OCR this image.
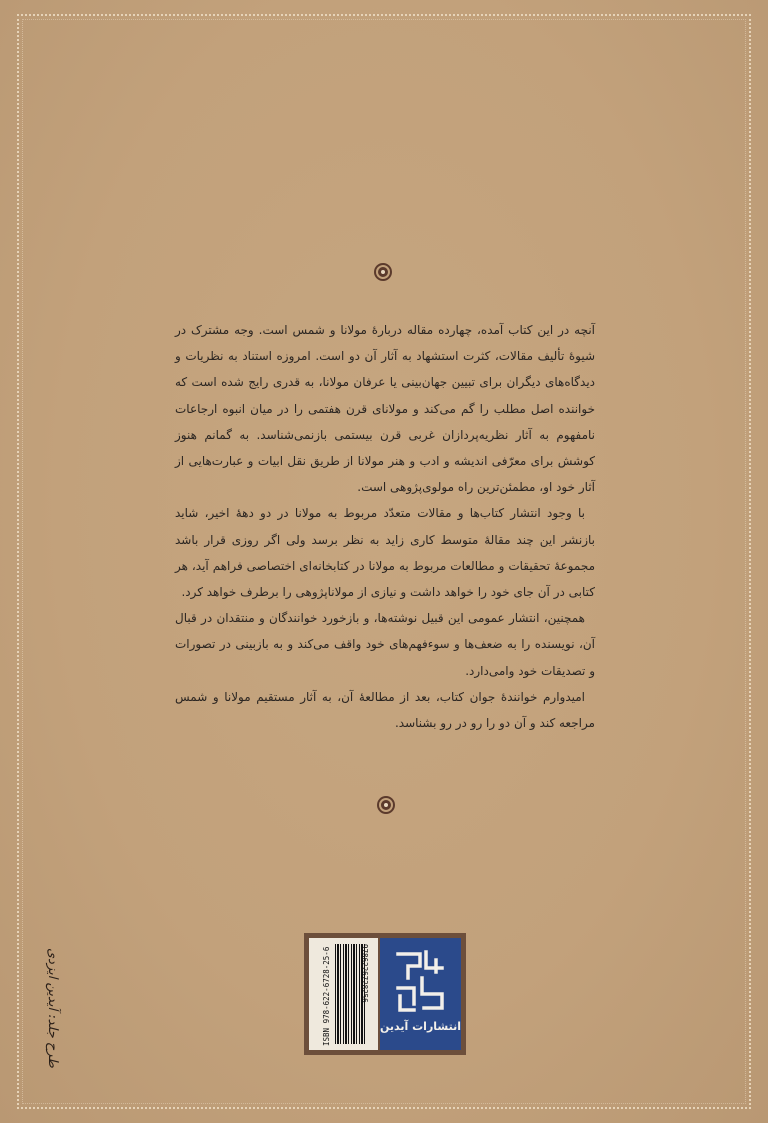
آنچه در این کتاب آمده، چهارده مقاله دربارهٔ مولانا و شمس است. وجه مشترک در شیوهٔ تألیف مقالات، کثرت استشهاد به آثار آن دو است. امروزه استناد به نظریات و دیدگاه‌های دیگران برای تبیین جهان‌بینی یا عرفان مولانا، به قدری رایج شده است که خواننده اصل مطلب را گم می‌کند و مولانای قرن هفتمی را در میان انبوه ارجاعات نامفهوم به آثار نظریه‌پردازان غربی قرن بیستمی بازنمی‌شناسد. به گمانم هنوز کوشش برای معرّفی اندیشه و ادب و هنر مولانا از طریق نقل ابیات و عبارت‌هایی از آثار خود او، مطمئن‌ترین راه مولوی‌پژوهی است.

با وجود انتشار کتاب‌ها و مقالات متعدّد مربوط به مولانا در دو دههٔ اخیر، شاید بازنشر این چند مقالهٔ متوسط کاری زاید به نظر برسد ولی اگر روزی قرار باشد مجموعهٔ تحقیقات و مطالعات مربوط به مولانا در کتابخانه‌ای اختصاصی فراهم آید، هر کتابی در آن جای خود را خواهد داشت و نیازی از مولاناپژوهی را برطرف خواهد کرد.

همچنین، انتشار عمومی این قبیل نوشته‌ها، و بازخورد خوانندگان و منتقدان در قبال آن، نویسنده را به ضعف‌ها و سوءفهم‌های خود واقف می‌کند و به بازبینی در تصورات و تصدیقات خود وامی‌دارد.

امیدوارم خوانندهٔ جوان کتاب، بعد از مطالعهٔ آن، به آثار مستقیم مولانا و شمس مراجعه کند و آن دو را رو در رو بشناسد.

ISBN 978-622-6728-25-6	9786226728256
انتشارات آیدین
طرح جلد: آیدین ایزدی
